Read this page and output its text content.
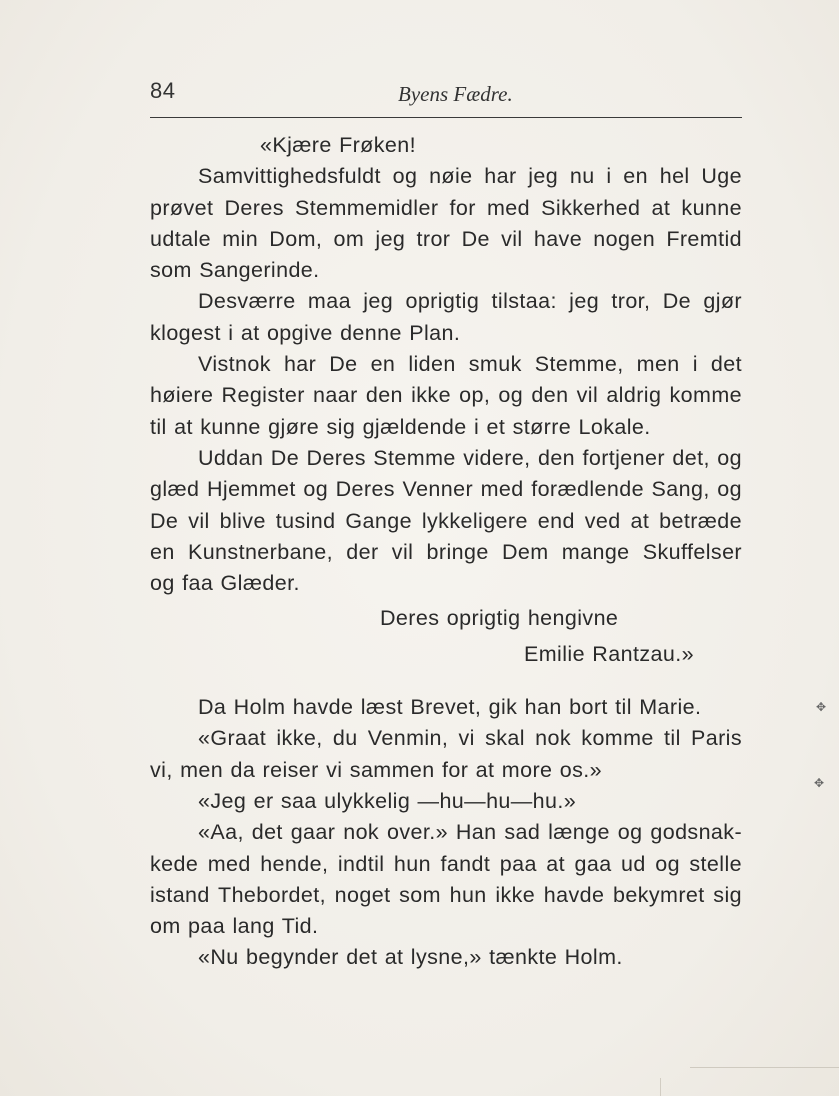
84	Byens Fædre.
«Kjære Frøken!
Samvittighedsfuldt og nøie har jeg nu i en hel Uge
prøvet Deres Stemmemidler for med Sikkerhed at kunne
udtale min Dom, om jeg tror De vil have nogen Fremtid
som Sangerinde.
Desværre maa jeg oprigtig tilstaa: jeg tror, De gjør
klogest i at opgive denne Plan.
Vistnok har De en liden smuk Stemme, men i det
høiere Register naar den ikke op, og den vil aldrig komme
til at kunne gjøre sig gjældende i et større Lokale.
Uddan De Deres Stemme videre, den fortjener det, og
glæd Hjemmet og Deres Venner med forædlende Sang, og
De vil blive tusind Gange lykkeligere end ved at betræde
en Kunstnerbane, der vil bringe Dem mange Skuffelser
og faa Glæder.
Deres oprigtig hengivne
Emilie Rantzau.»
Da Holm havde læst Brevet, gik han bort til Marie.
«Graat ikke, du Venmin, vi skal nok komme til Paris
vi, men da reiser vi sammen for at more os.»
«Jeg er saa ulykkelig —hu—hu—hu.»
«Aa, det gaar nok over.» Han sad længe og godsnak-
kede med hende, indtil hun fandt paa at gaa ud og stelle
istand Thebordet, noget som hun ikke havde bekymret sig
om paa lang Tid.
«Nu begynder det at lysne,» tænkte Holm.
✥
✥
